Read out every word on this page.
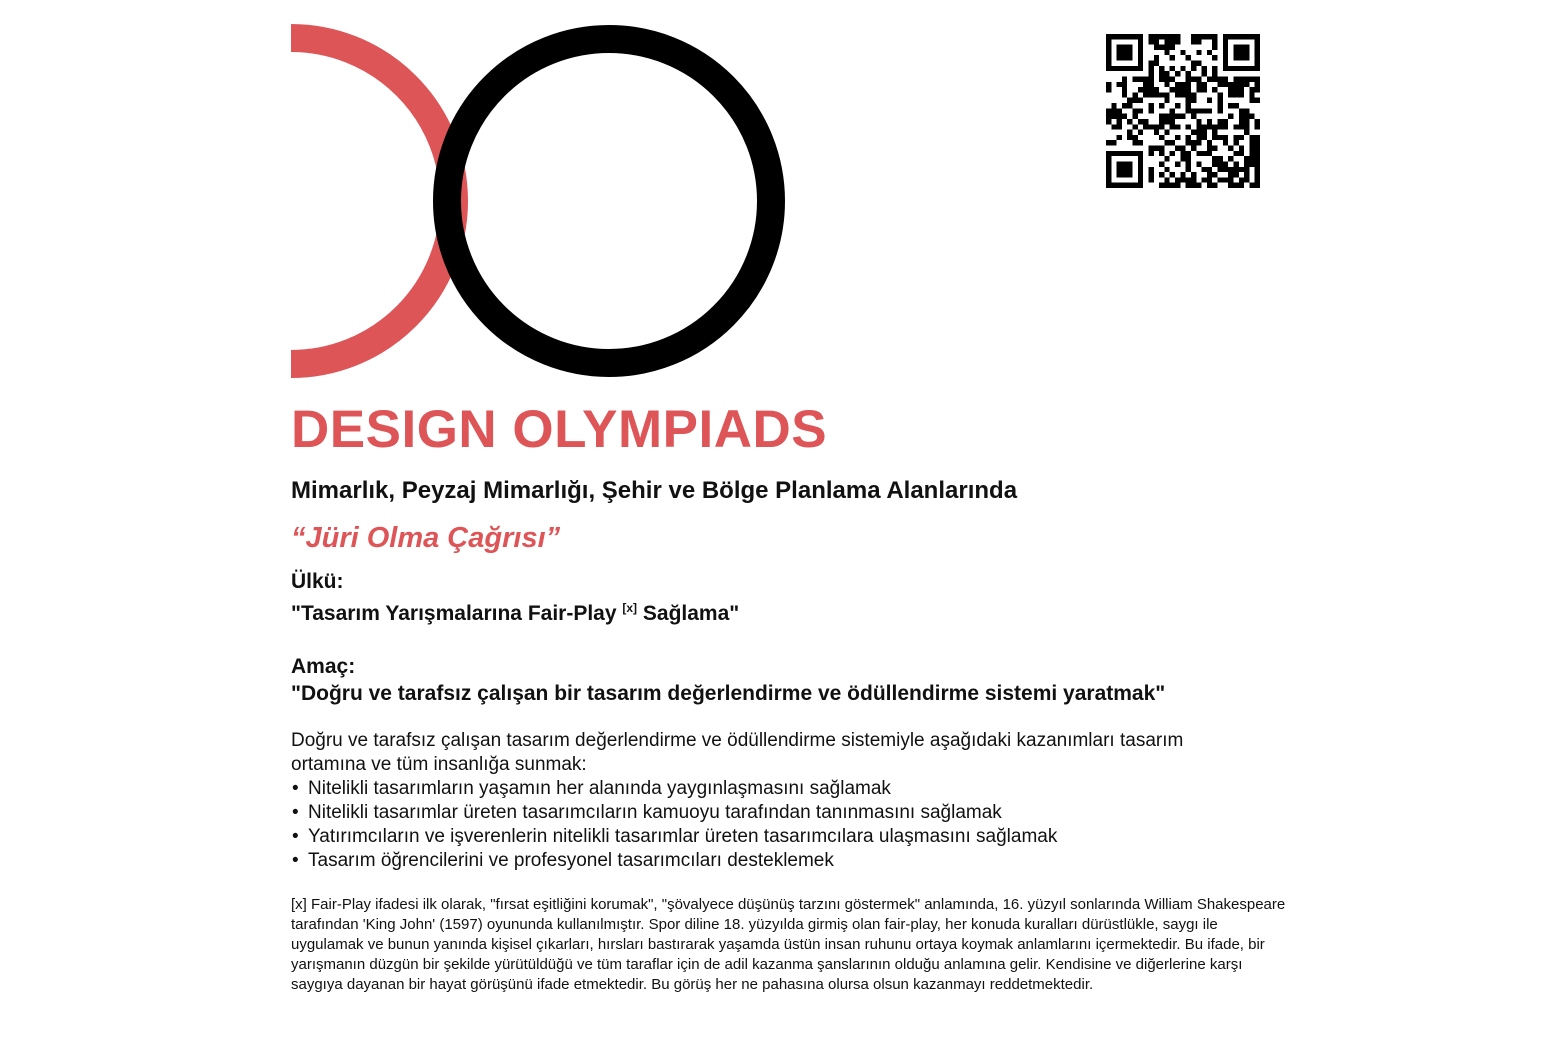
DESIGN OLYMPIADS
Mimarlık, Peyzaj Mimarlığı, Şehir ve Bölge Planlama Alanlarında
“Jüri Olma Çağrısı”
Ülkü:
"Tasarım Yarışmalarına Fair-Play [x] Sağlama"
Amaç:
"Doğru ve tarafsız çalışan bir tasarım değerlendirme ve ödüllendirme sistemi yaratmak"

Doğru ve tarafsız çalışan tasarım değerlendirme ve ödüllendirme sistemiyle aşağıdaki kazanımları tasarım ortamına ve tüm insanlığa sunmak:

• Nitelikli tasarımların yaşamın her alanında yaygınlaşmasını sağlamak
• Nitelikli tasarımlar üreten tasarımcıların kamuoyu tarafından tanınmasını sağlamak
• Yatırımcıların ve işverenlerin nitelikli tasarımlar üreten tasarımcılara ulaşmasını sağlamak
• Tasarım öğrencilerini ve profesyonel tasarımcıları desteklemek

[x] Fair-Play ifadesi ilk olarak, "fırsat eşitliğini korumak", "şövalyece düşünüş tarzını göstermek" anlamında, 16. yüzyıl sonlarında William Shakespeare tarafından 'King John' (1597) oyununda kullanılmıştır. Spor diline 18. yüzyılda girmiş olan fair-play, her konuda kuralları dürüstlükle, saygı ile uygulamak ve bunun yanında kişisel çıkarları, hırsları bastırarak yaşamda üstün insan ruhunu ortaya koymak anlamlarını içermektedir. Bu ifade, bir yarışmanın düzgün bir şekilde yürütüldüğü ve tüm taraflar için de adil kazanma şanslarının olduğu anlamına gelir. Kendisine ve diğerlerine karşı saygıya dayanan bir hayat görüşünü ifade etmektedir. Bu görüş her ne pahasına olursa olsun kazanmayı reddetmektedir.
